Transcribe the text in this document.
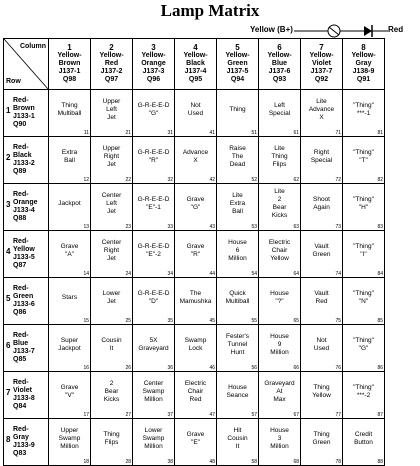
Lamp Matrix
Yellow (B+)	Red
Column
Row	1
Yellow-
Brown
J137-1
Q98	2
Yellow-
Red
J137-2
Q97	3
Yellow-
Orange
J137-3
Q96	4
Yellow-
Black
J137-4
Q95	5
Yellow-
Green
J137-5
Q94	6
Yellow-
Blue
J137-6
Q93	7
Yellow-
Violet
J137-7
Q92	8
Yellow-
Gray
J138-9
Q91

1
Red-
Brown
J133-1
Q90	Thing
Multiball
11	Upper
Left
Jet
21	G-R-E-E-D
"G"
31	Not
Used
41	Thing
51	Left
Special
61	Lite
Advance
X
71	"Thing"
***-1
81

2
Red-
Black
J133-2
Q89	Extra
Ball
12	Upper
Right
Jet
22	G-R-E-E-D
"R"
32	Advance
X
42	Raise
The
Dead
52	Lite
Thing
Flips
62	Right
Special
72	"Thing"
"T"
82

3
Red-
Orange
J133-4
Q88	Jackpot
13	Center
Left
Jet
23	G-R-E-E-D
"E"-1
33	Grave
"G"
43	Lite
Extra
Ball
53	Lite
2
Bear
Kicks
63	Shoot
Again
73	"Thing"
"H"
83

4
Red-
Yellow
J133-5
Q87	Grave
"A"
14	Center
Right
Jet
24	G-R-E-E-D
"E"-2
34	Grave
"R"
44	House
6
Million
54	Electric
Chair
Yellow
64	Vault
Green
74	"Thing"
"I"
84

5
Red-
Green
J133-6
Q86	Stars
15	Lower
Jet
25	G-R-E-E-D
"D"
35	The
Mamushka
45	Quick
Multiball
55	House
"?"
65	Vault
Red
75	"Thing"
"N"
85

6
Red-
Blue
J133-7
Q85	Super
Jackpot
16	Cousin
It
26	5X
Graveyard
36	Swamp
Lock
46	Fester's
Tunnel
Hunt
56	House
9
Million
66	Not
Used
76	"Thing"
"G"
86

7
Red-
Violet
J133-8
Q84	Grave
"V"
17	2
Bear
Kicks
27	Center
Swamp
Million
37	Electric
Chair
Red
47	House
Seance
57	Graveyard
At
Max
67	Thing
Yellow
77	"Thing"
***-2
87

8
Red-
Gray
J133-9
Q83	Upper
Swamp
Million
18	Thing
Flips
28	Lower
Swamp
Million
38	Grave
"E"
48	Hit
Cousin
It
58	House
3
Million
68	Thing
Green
78	Credit
Button
88
